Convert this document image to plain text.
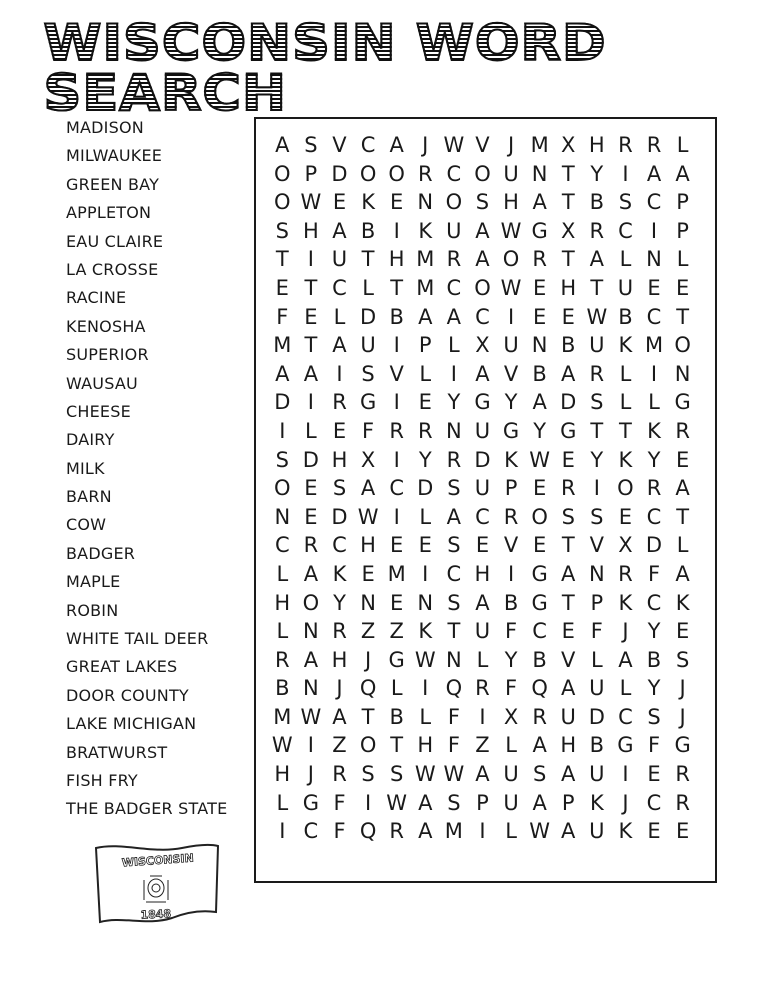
WISCONSIN WORD SEARCH
MADISON
MILWAUKEE
GREEN BAY
APPLETON
EAU CLAIRE
LA CROSSE
RACINE
KENOSHA
SUPERIOR
WAUSAU
CHEESE
DAIRY
MILK
BARN
COW
BADGER
MAPLE
ROBIN
WHITE TAIL DEER
GREAT LAKES
DOOR COUNTY
LAKE MICHIGAN
BRATWURST
FISH FRY
THE BADGER STATE
A S V C A J W V J M X H R R L
O P D O O R C O U N T Y I A A
O W E K E N O S H A T B S C P
S H A B I K U A W G X R C I P
T I U T H M R A O R T A L N L
E T C L T M C O W E H T U E E
F E L D B A A C I E E W B C T
M T A U I P L X U N B U K M O
A A I S V L I A V B A R L I N
D I R G I E Y G Y A D S L L G
I L E F R R N U G Y G T T K R
S D H X I Y R D K W E Y K Y E
O E S A C D S U P E R I O R A
N E D W I L A C R O S S E C T
C R C H E E S E V E T V X D L
L A K E M I C H I G A N R F A
H O Y N E N S A B G T P K C K
L N R Z Z K T U F C E F J Y E
R A H J G W N L Y B V L A B S
B N J Q L I Q R F Q A U L Y J
M W A T B L F I X R U D C S J
W I Z O T H F Z L A H B G F G
H J R S S W W A U S A U I E R
L G F I W A S P U A P K J C R
I C F Q R A M I L W A U K E E
WISCONSIN
1848
